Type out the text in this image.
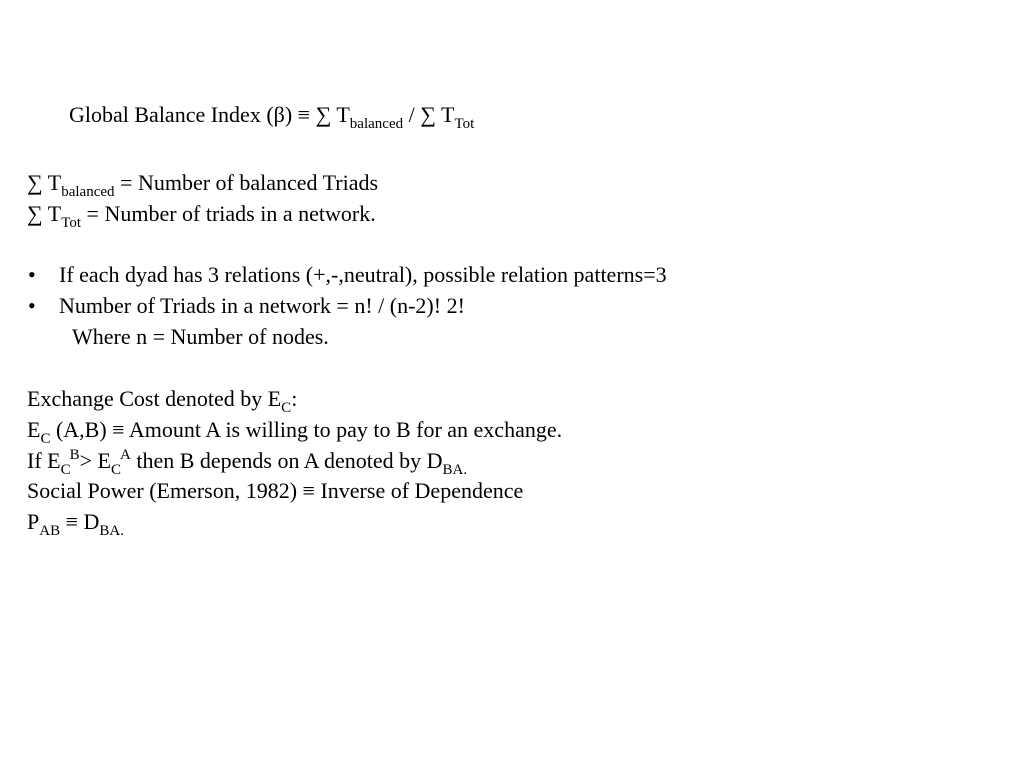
Global Balance Index (β) ≡ ∑ $T_{balanced}$ / ∑ $T_{Tot}$
∑ $T_{balanced}$ = Number of balanced Triads
∑ $T_{Tot}$ = Number of triads in a network.
• If each dyad has 3 relations (+,-,neutral), possible relation patterns=3
• Number of Triads in a network = n! / (n-2)! 2!
Where n = Number of nodes.
Exchange Cost denoted by $E_C$:
$E_C$ (A,B) ≡ Amount A is willing to pay to B for an exchange.
If $E_C^B> E_C^A$ then B depends on A denoted by $D_{BA.}$
Social Power (Emerson, 1982) ≡ Inverse of Dependence
$P_{AB} \equiv D_{BA.}$
